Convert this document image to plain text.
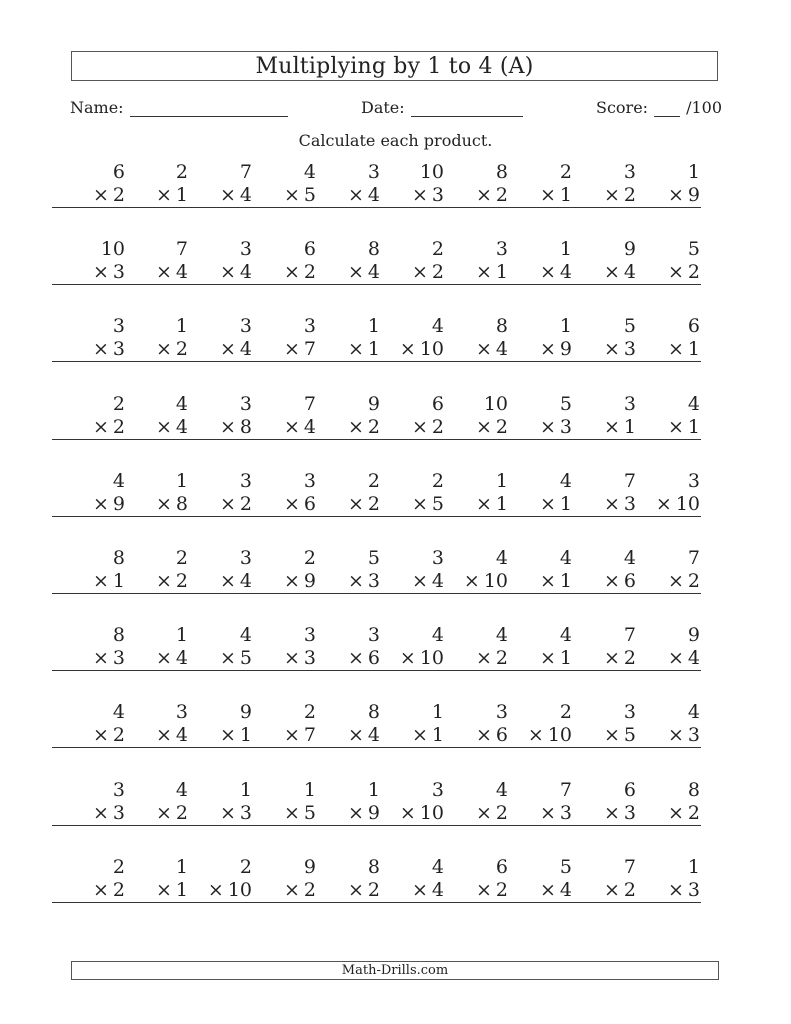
Multiplying by 1 to 4 (A)
Name:	Date:	Score: /100
Calculate each product.
6
× 2
2
× 1
7
× 4
4
× 5
3
× 4
10
× 3
8
× 2
2
× 1
3
× 2
1
× 9
10
× 3
7
× 4
3
× 4
6
× 2
8
× 4
2
× 2
3
× 1
1
× 4
9
× 4
5
× 2
3
× 3
1
× 2
3
× 4
3
× 7
1
× 1
4
× 10
8
× 4
1
× 9
5
× 3
6
× 1
2
× 2
4
× 4
3
× 8
7
× 4
9
× 2
6
× 2
10
× 2
5
× 3
3
× 1
4
× 1
4
× 9
1
× 8
3
× 2
3
× 6
2
× 2
2
× 5
1
× 1
4
× 1
7
× 3
3
× 10
8
× 1
2
× 2
3
× 4
2
× 9
5
× 3
3
× 4
4
× 10
4
× 1
4
× 6
7
× 2
8
× 3
1
× 4
4
× 5
3
× 3
3
× 6
4
× 10
4
× 2
4
× 1
7
× 2
9
× 4
4
× 2
3
× 4
9
× 1
2
× 7
8
× 4
1
× 1
3
× 6
2
× 10
3
× 5
4
× 3
3
× 3
4
× 2
1
× 3
1
× 5
1
× 9
3
× 10
4
× 2
7
× 3
6
× 3
8
× 2
2
× 2
1
× 1
2
× 10
9
× 2
8
× 2
4
× 4
6
× 2
5
× 4
7
× 2
1
× 3
Math-Drills.com
